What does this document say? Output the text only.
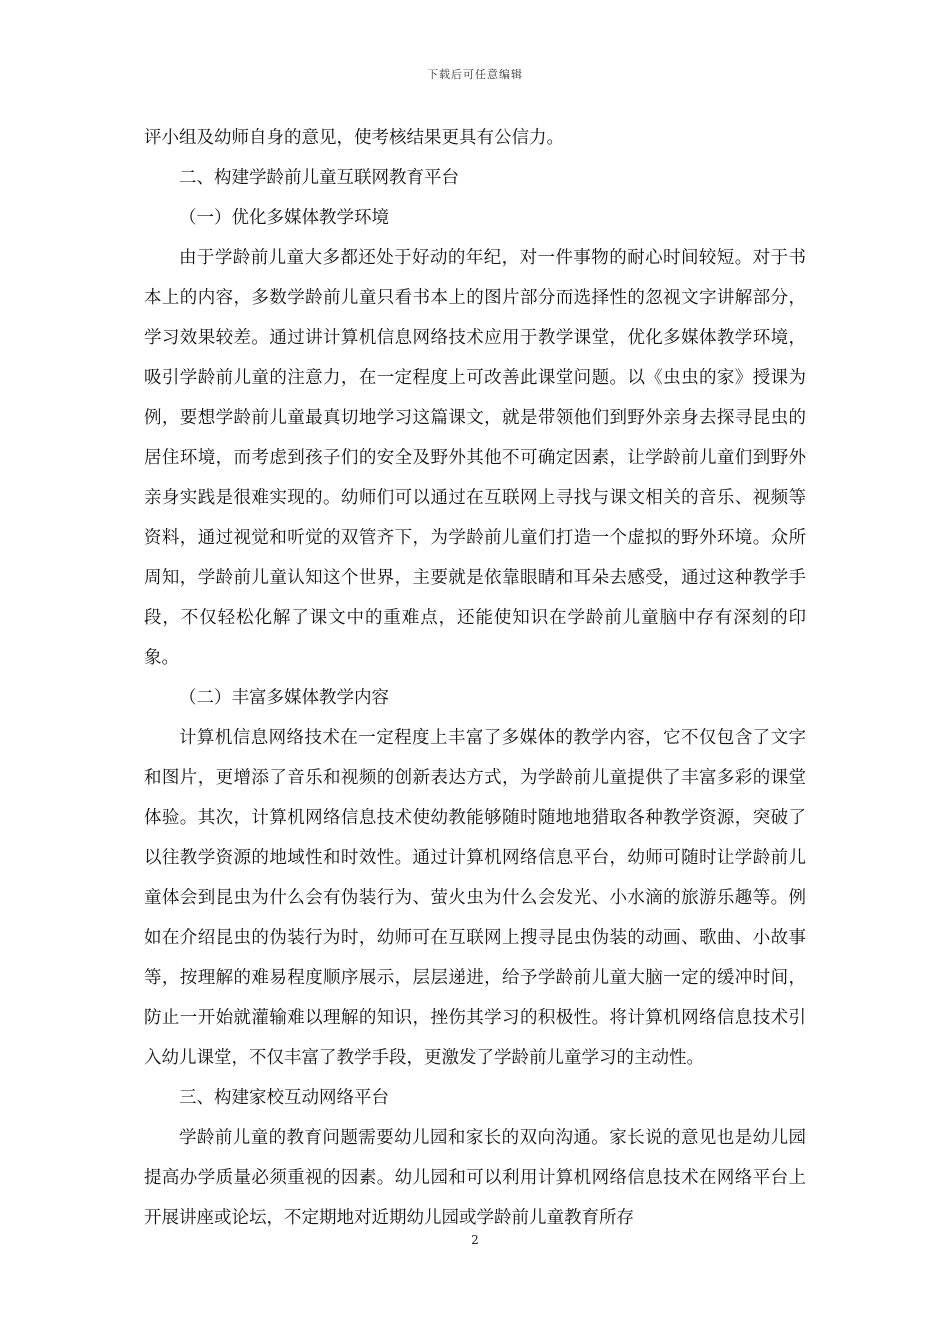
下载后可任意编辑

评小组及幼师自身的意见，使考核结果更具有公信力。

二、构建学龄前儿童互联网教育平台

（一）优化多媒体教学环境

由于学龄前儿童大多都还处于好动的年纪，对一件事物的耐心时间较短。对于书本上的内容，多数学龄前儿童只看书本上的图片部分而选择性的忽视文字讲解部分，学习效果较差。通过讲计算机信息网络技术应用于教学课堂，优化多媒体教学环境，吸引学龄前儿童的注意力，在一定程度上可改善此课堂问题。以《虫虫的家》授课为例，要想学龄前儿童最真切地学习这篇课文，就是带领他们到野外亲身去探寻昆虫的居住环境，而考虑到孩子们的安全及野外其他不可确定因素，让学龄前儿童们到野外亲身实践是很难实现的。幼师们可以通过在互联网上寻找与课文相关的音乐、视频等资料，通过视觉和听觉的双管齐下，为学龄前儿童们打造一个虚拟的野外环境。众所周知，学龄前儿童认知这个世界，主要就是依靠眼睛和耳朵去感受，通过这种教学手段，不仅轻松化解了课文中的重难点，还能使知识在学龄前儿童脑中存有深刻的印象。

（二）丰富多媒体教学内容

计算机信息网络技术在一定程度上丰富了多媒体的教学内容，它不仅包含了文字和图片，更增添了音乐和视频的创新表达方式，为学龄前儿童提供了丰富多彩的课堂体验。其次，计算机网络信息技术使幼教能够随时随地地猎取各种教学资源，突破了以往教学资源的地域性和时效性。通过计算机网络信息平台，幼师可随时让学龄前儿童体会到昆虫为什么会有伪装行为、萤火虫为什么会发光、小水滴的旅游乐趣等。例如在介绍昆虫的伪装行为时，幼师可在互联网上搜寻昆虫伪装的动画、歌曲、小故事等，按理解的难易程度顺序展示，层层递进，给予学龄前儿童大脑一定的缓冲时间，防止一开始就灌输难以理解的知识，挫伤其学习的积极性。将计算机网络信息技术引入幼儿课堂，不仅丰富了教学手段，更激发了学龄前儿童学习的主动性。

三、构建家校互动网络平台

学龄前儿童的教育问题需要幼儿园和家长的双向沟通。家长说的意见也是幼儿园提高办学质量必须重视的因素。幼儿园和可以利用计算机网络信息技术在网络平台上开展讲座或论坛，不定期地对近期幼儿园或学龄前儿童教育所存

2
